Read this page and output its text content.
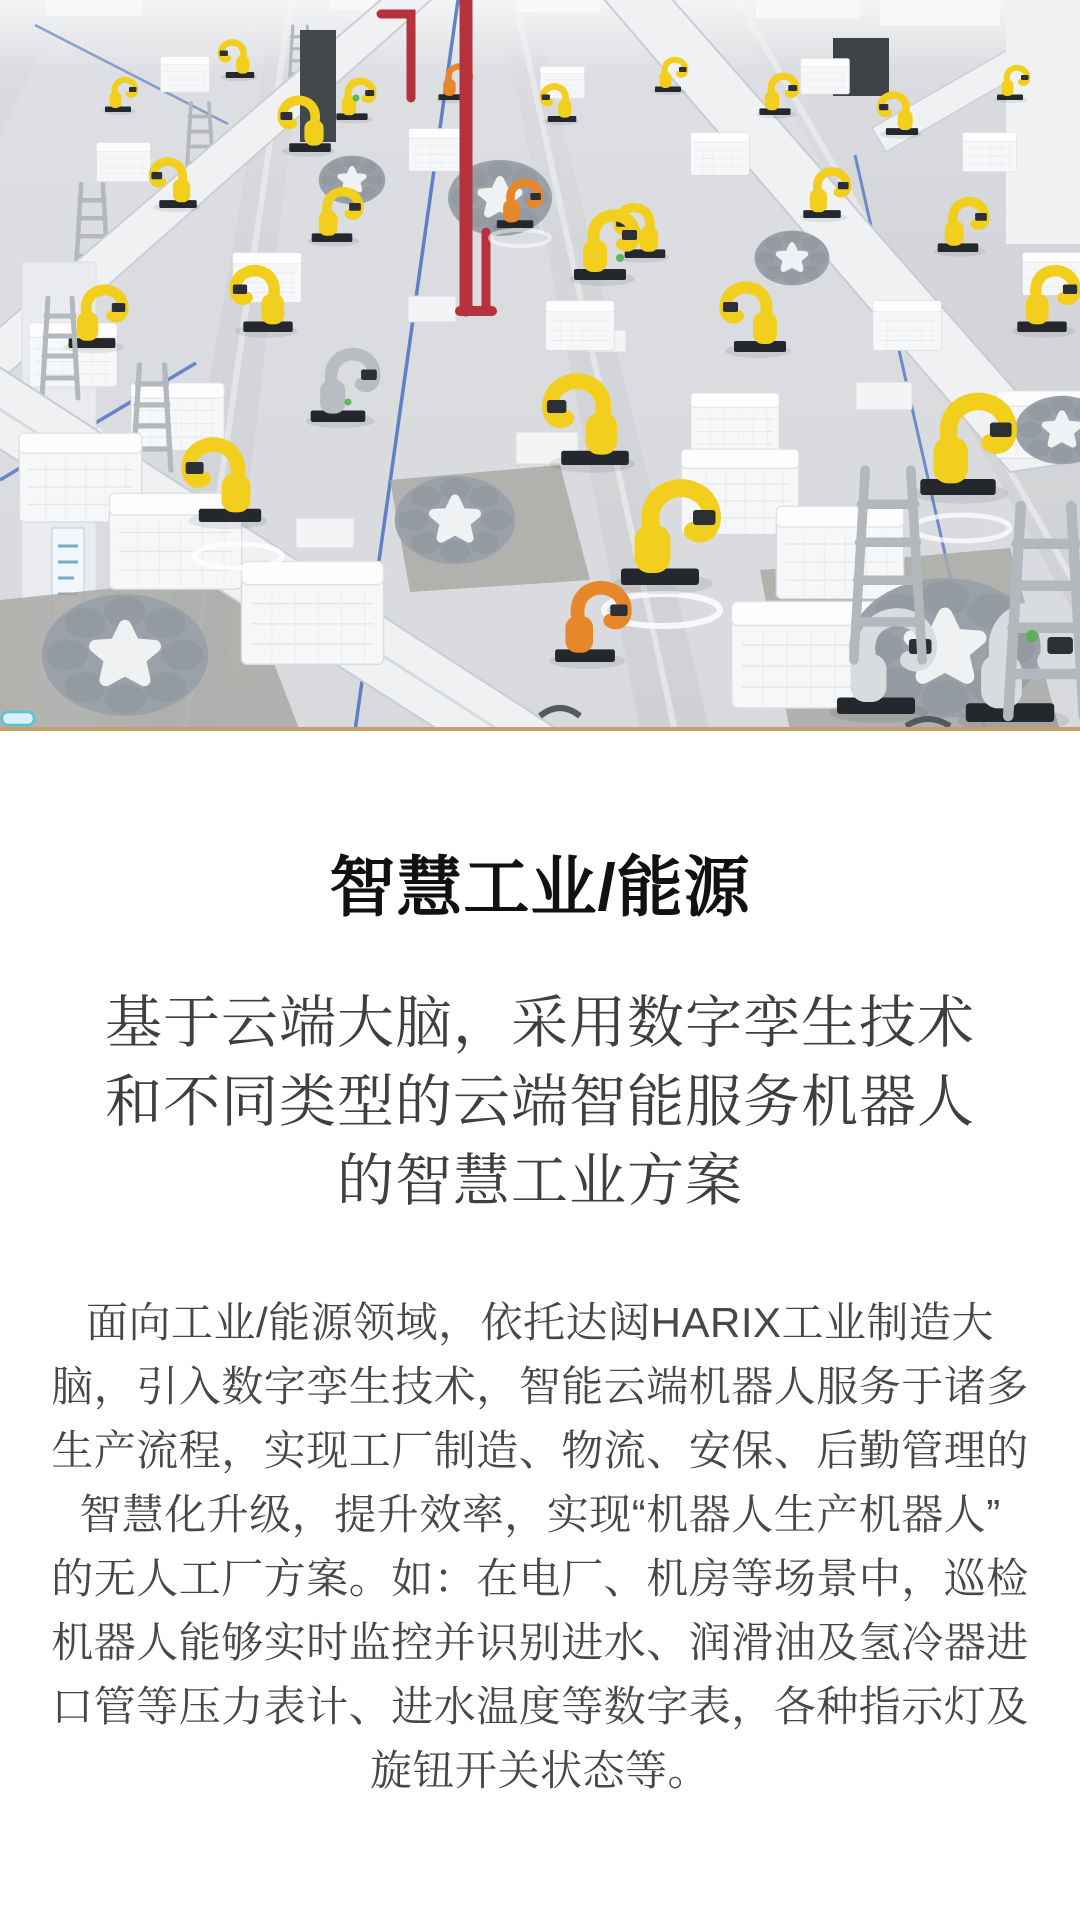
智慧工业/能源
基于云端大脑，采用数字孪生技术
和不同类型的云端智能服务机器人
的智慧工业方案
面向工业/能源领域，依托达闼HARIX工业制造大
脑，引入数字孪生技术，智能云端机器人服务于诸多
生产流程，实现工厂制造、物流、安保、后勤管理的
智慧化升级，提升效率，实现“机器人生产机器人”
的无人工厂方案。如：在电厂、机房等场景中，巡检
机器人能够实时监控并识别进水、润滑油及氢冷器进
口管等压力表计、进水温度等数字表，各种指示灯及
旋钮开关状态等。
